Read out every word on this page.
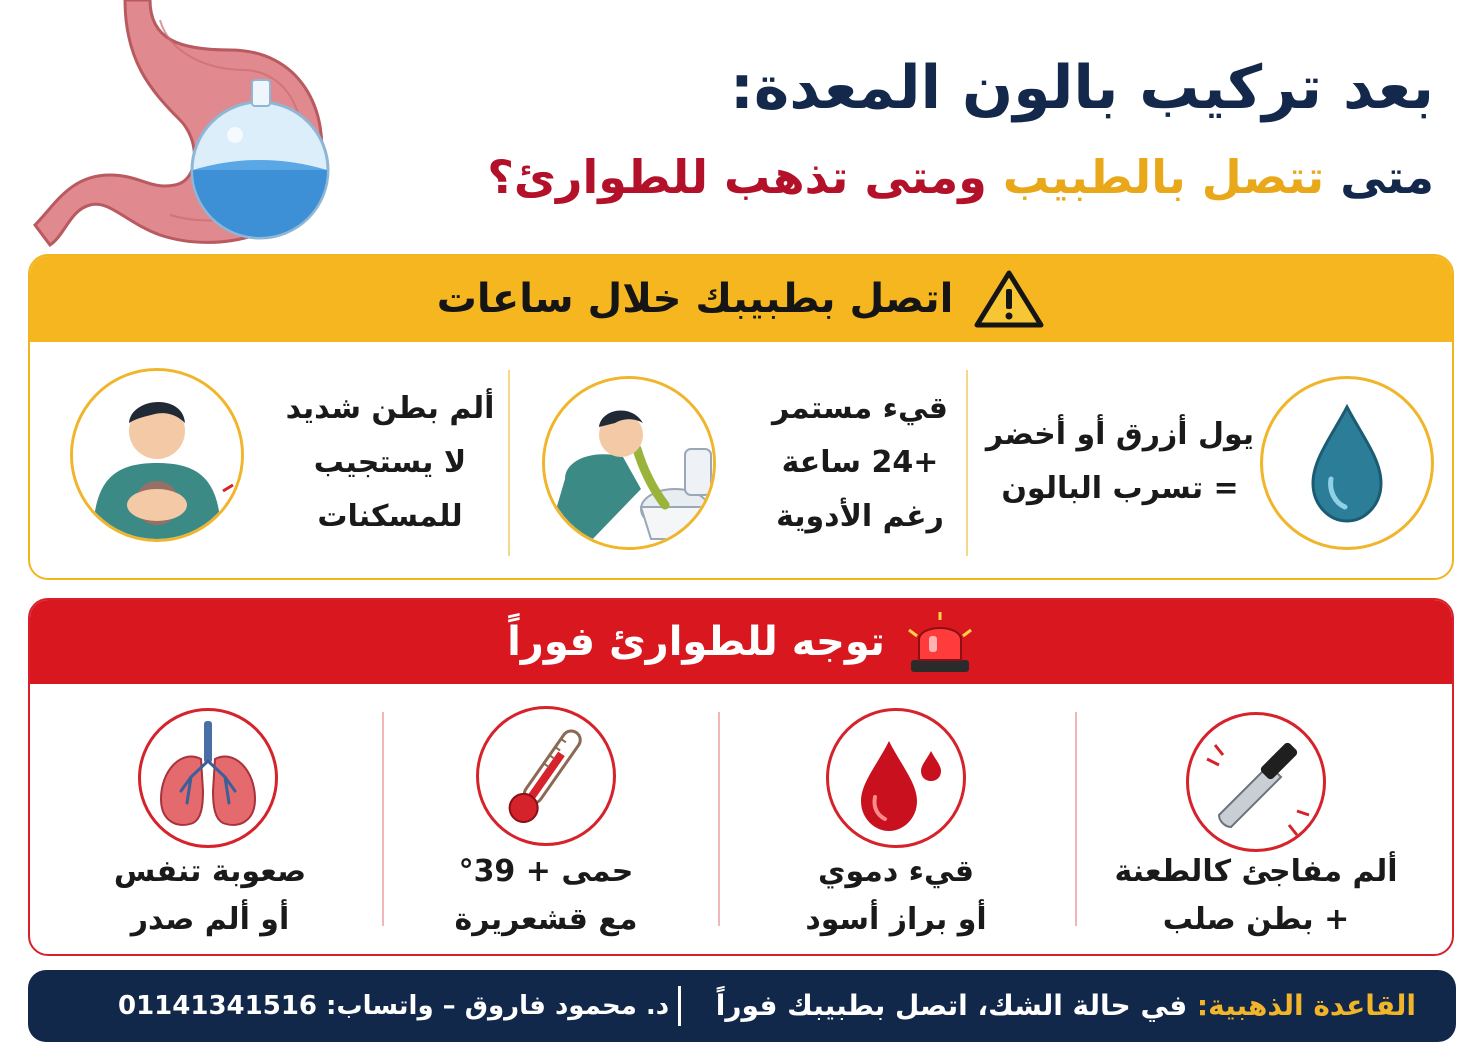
بعد تركيب بالون المعدة:
متى تتصل بالطبيب ومتى تذهب للطوارئ؟
اتصل بطبيبك خلال ساعات
يول أزرق أو أخضر
= تسرب البالون
قيء مستمر
+24 ساعة
رغم الأدوية
ألم بطن شديد
لا يستجيب
للمسكنات
توجه للطوارئ فوراً
ألم مفاجئ كالطعنة
+ بطن صلب
قيء دموي
أو براز أسود
حمى + 39°
مع قشعريرة
صعوبة تنفس
أو ألم صدر
القاعدة الذهبية: في حالة الشك، اتصل بطبيبك فوراً
د. محمود فاروق – واتساب: 01141341516
